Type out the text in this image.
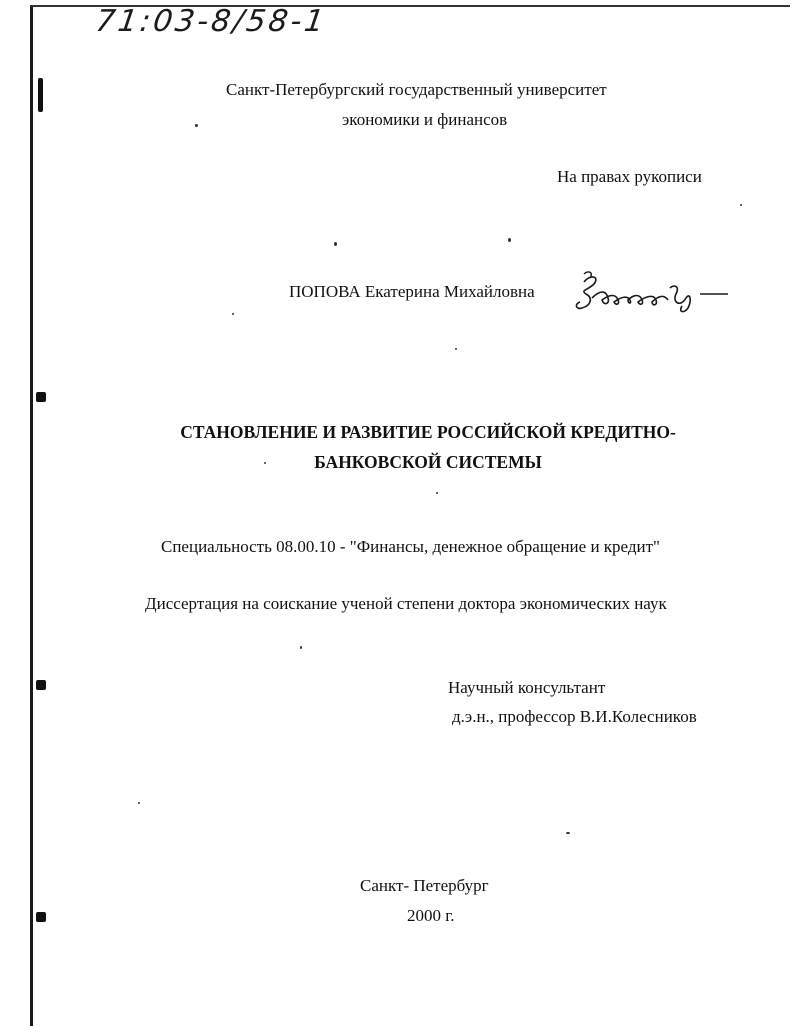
71:03-8/58-1
Санкт-Петербургский государственный университет
экономики и финансов
На правах рукописи
ПОПОВА Екатерина Михайловна
СТАНОВЛЕНИЕ И РАЗВИТИЕ РОССИЙСКОЙ КРЕДИТНО-
БАНКОВСКОЙ СИСТЕМЫ
Специальность 08.00.10 - "Финансы, денежное обращение и кредит"
Диссертация на соискание ученой степени доктора экономических наук
Научный консультант
д.э.н., профессор В.И.Колесников
Санкт- Петербург
2000 г.
